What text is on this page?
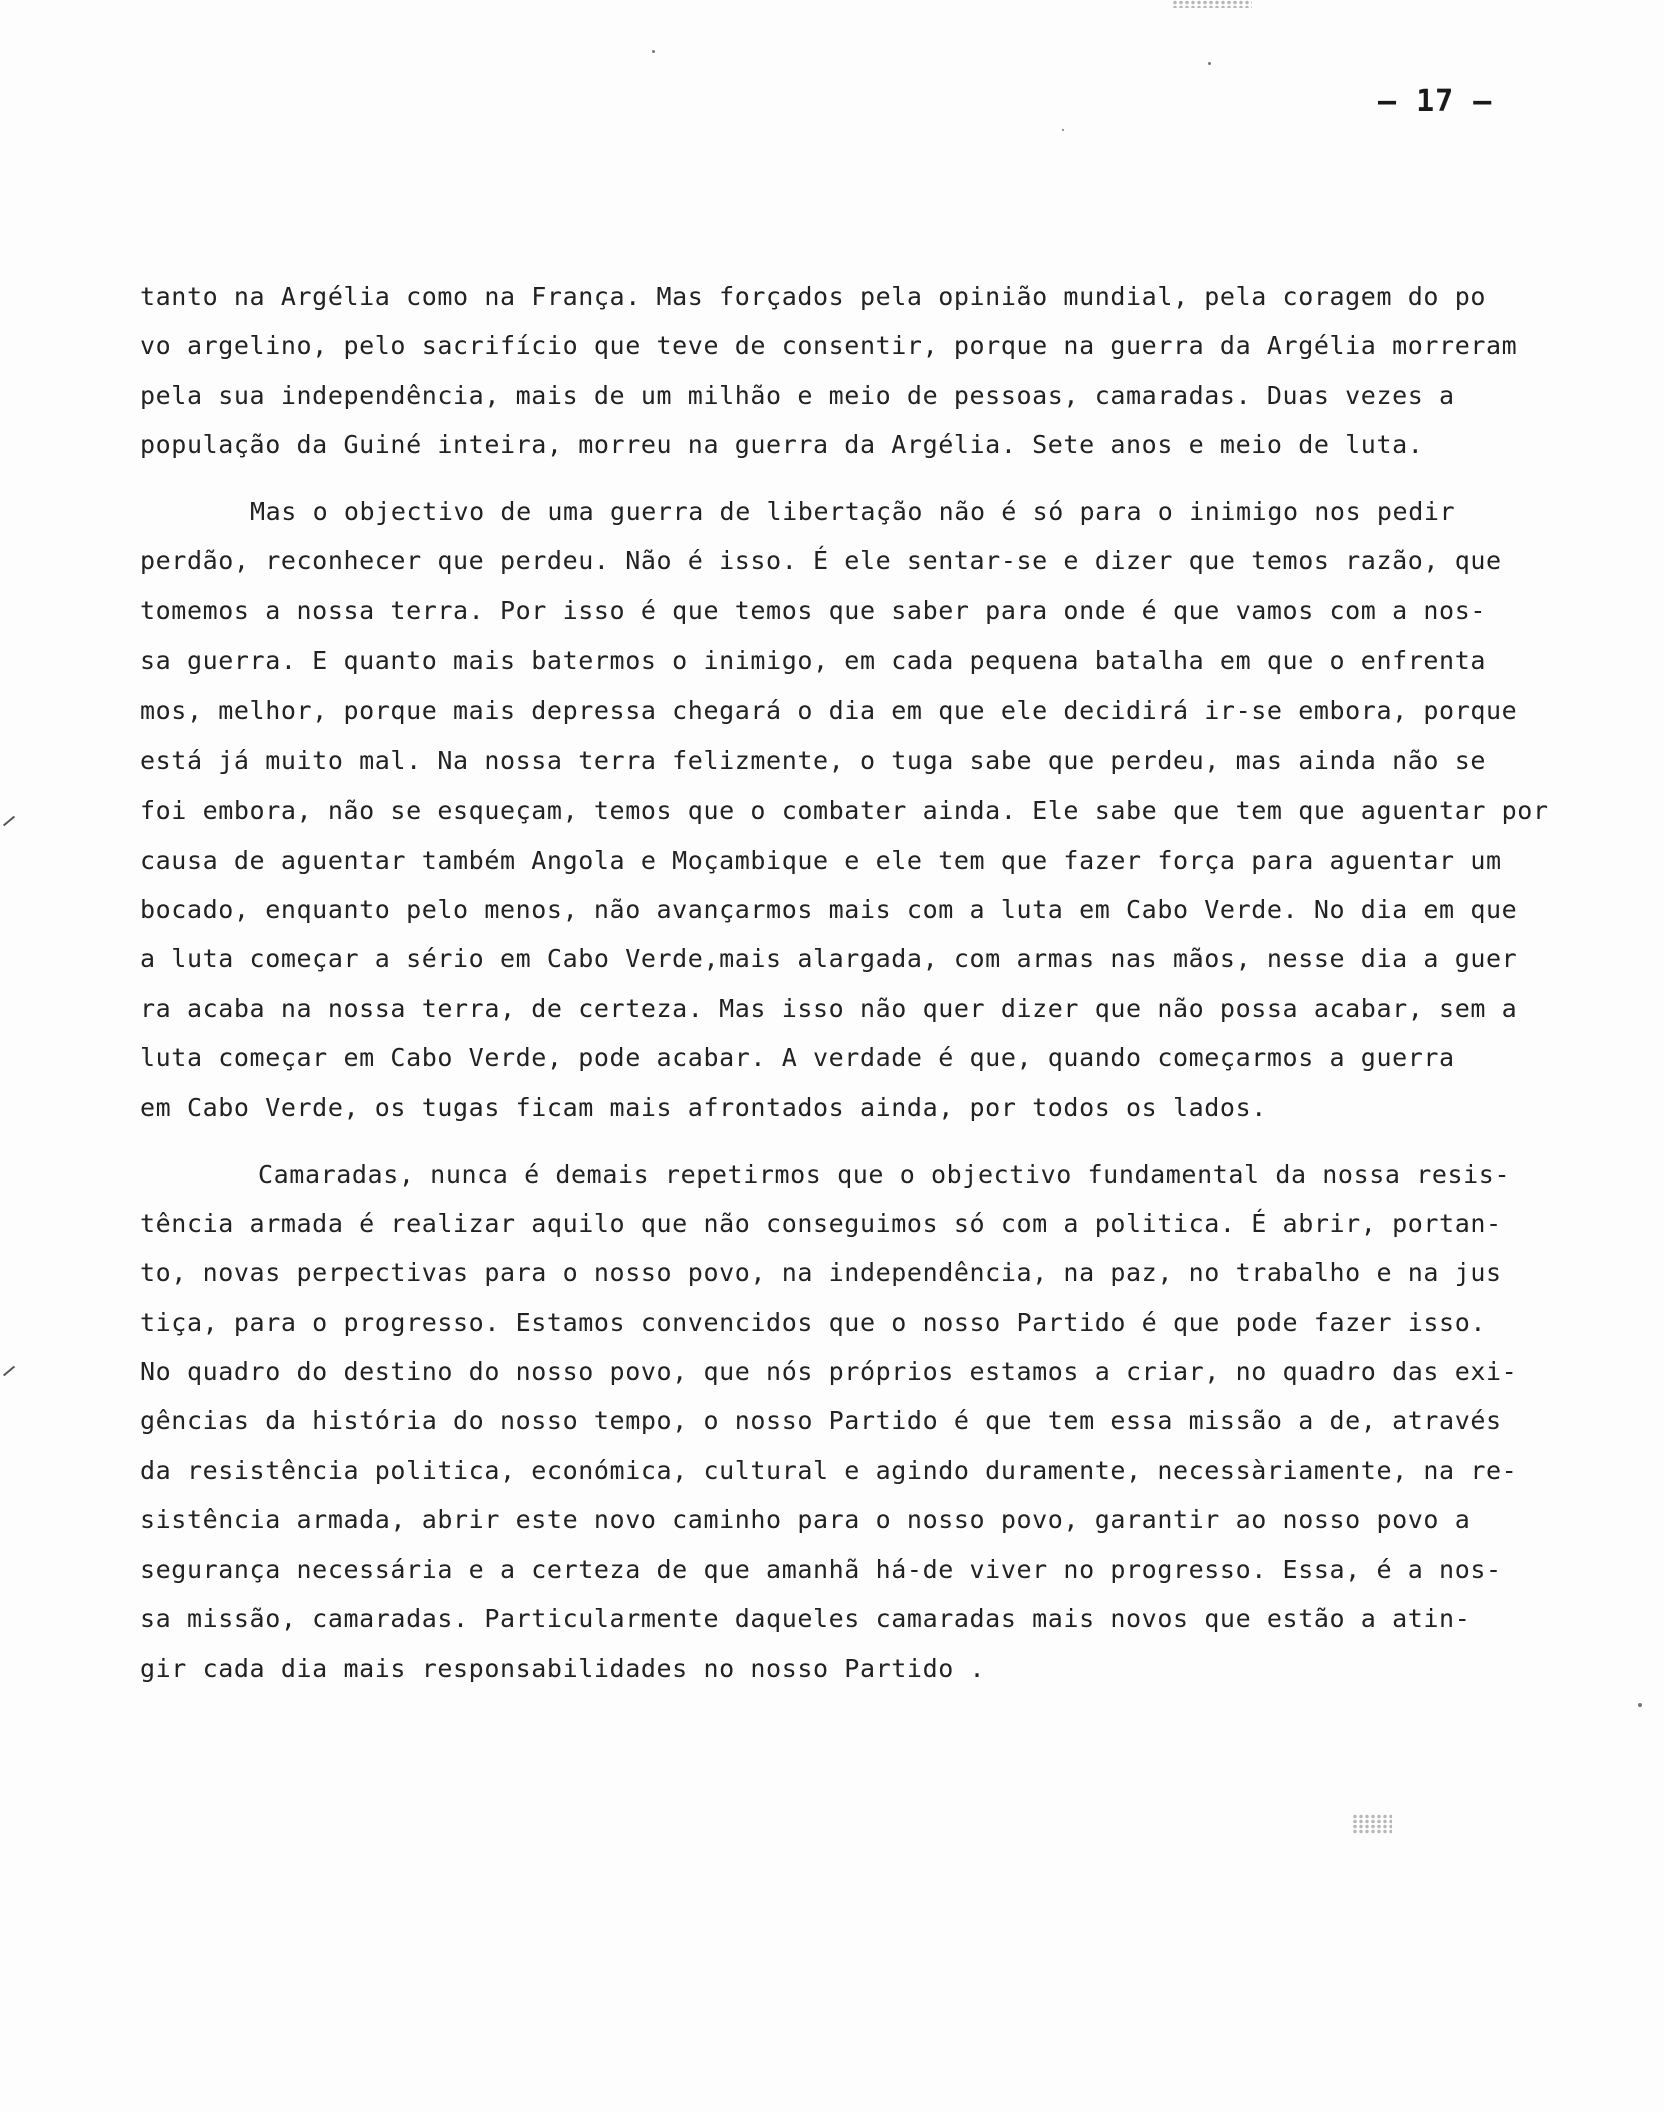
— 17 —
tanto na Argélia como na França. Mas forçados pela opinião mundial, pela coragem do po
vo argelino, pelo sacrifício que teve de consentir, porque na guerra da Argélia morreram
pela sua independência, mais de um milhão e meio de pessoas, camaradas. Duas vezes a
população da Guiné inteira, morreu na guerra da Argélia. Sete anos e meio de luta.
Mas o objectivo de uma guerra de libertação não é só para o inimigo nos pedir
perdão, reconhecer que perdeu. Não é isso. É ele sentar-se e dizer que temos razão, que
tomemos a nossa terra. Por isso é que temos que saber para onde é que vamos com a nos-
sa guerra. E quanto mais batermos o inimigo, em cada pequena batalha em que o enfrenta
mos, melhor, porque mais depressa chegará o dia em que ele decidirá ir-se embora, porque
está já muito mal. Na nossa terra felizmente, o tuga sabe que perdeu, mas ainda não se
foi embora, não se esqueçam, temos que o combater ainda. Ele sabe que tem que aguentar por
causa de aguentar também Angola e Moçambique e ele tem que fazer força para aguentar um
bocado, enquanto pelo menos, não avançarmos mais com a luta em Cabo Verde. No dia em que
a luta começar a sério em Cabo Verde,mais alargada, com armas nas mãos, nesse dia a guer
ra acaba na nossa terra, de certeza. Mas isso não quer dizer que não possa acabar, sem a
luta começar em Cabo Verde, pode acabar. A verdade é que, quando começarmos a guerra
em Cabo Verde, os tugas ficam mais afrontados ainda, por todos os lados.
Camaradas, nunca é demais repetirmos que o objectivo fundamental da nossa resis-
tência armada é realizar aquilo que não conseguimos só com a politica. É abrir, portan-
to, novas perpectivas para o nosso povo, na independência, na paz, no trabalho e na jus
tiça, para o progresso. Estamos convencidos que o nosso Partido é que pode fazer isso.
No quadro do destino do nosso povo, que nós próprios estamos a criar, no quadro das exi-
gências da história do nosso tempo, o nosso Partido é que tem essa missão a de, através
da resistência politica, económica, cultural e agindo duramente, necessàriamente, na re-
sistência armada, abrir este novo caminho para o nosso povo, garantir ao nosso povo a
segurança necessária e a certeza de que amanhã há-de viver no progresso. Essa, é a nos-
sa missão, camaradas. Particularmente daqueles camaradas mais novos que estão a atin-
gir cada dia mais responsabilidades no nosso Partido .
